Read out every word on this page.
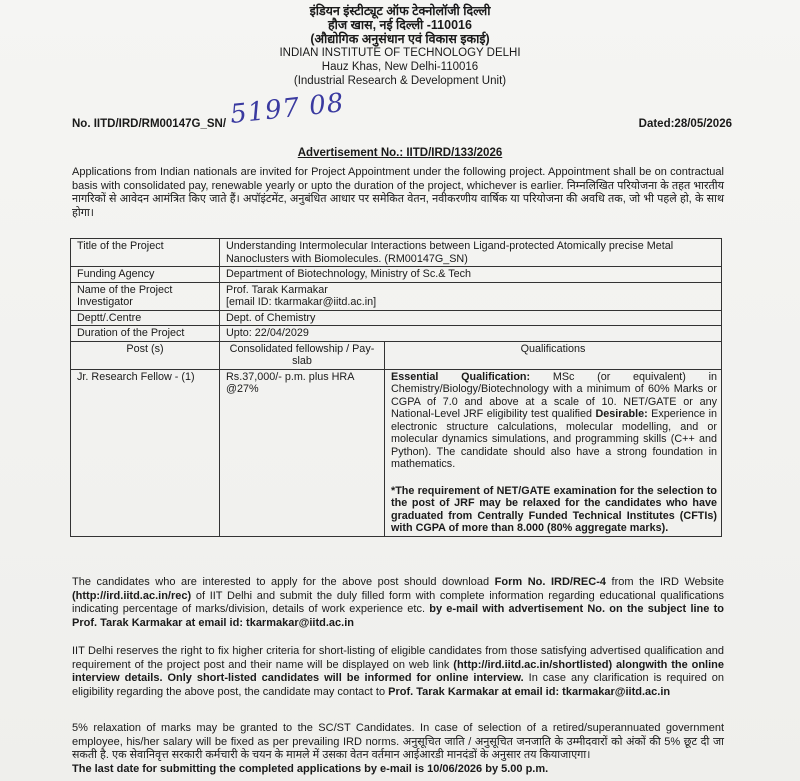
इंडियन इंस्टीट्यूट ऑफ टेक्नोलॉजी दिल्ली
हौज खास, नई दिल्ली -110016
(औद्योगिक अनुसंधान एवं विकास इकाई)
INDIAN INSTITUTE OF TECHNOLOGY DELHI
Hauz Khas, New Delhi-110016
(Industrial Research & Development Unit)
5197 08
No. IITD/IRD/RM00147G_SN/	Dated:28/05/2026
Advertisement No.: IITD/IRD/133/2026
Applications from Indian nationals are invited for Project Appointment under the following project. Appointment shall be on contractual basis with consolidated pay, renewable yearly or upto the duration of the project, whichever is earlier. निम्नलिखित परियोजना के तहत भारतीय नागरिकों से आवेदन आमंत्रित किए जाते हैं। अपॉइंटमेंट, अनुबंधित आधार पर समेकित वेतन, नवीकरणीय वार्षिक या परियोजना की अवधि तक, जो भी पहले हो, के साथ होगा।
Title of the Project	Understanding Intermolecular Interactions between Ligand-protected Atomically precise Metal Nanoclusters with Biomolecules. (RM00147G_SN)	
Funding Agency	Department of Biotechnology, Ministry of Sc.& Tech	
Name of the Project Investigator	Prof. Tarak Karmakar
[email ID: tkarmakar@iitd.ac.in]	

Deptt/.Centre	Dept. of Chemistry	
Duration of the Project	Upto: 22/04/2029	
Post (s)	Consolidated fellowship / Pay-slab	Qualifications
Jr. Research Fellow - (1)	Rs.37,000/- p.m. plus HRA @27%	Essential Qualification: MSc (or equivalent) in Chemistry/Biology/Biotechnology with a minimum of 60% Marks or CGPA of 7.0 and above at a scale of 10. NET/GATE or any National-Level JRF eligibility test qualified Desirable: Experience in electronic structure calculations, molecular modelling, and or molecular dynamics simulations, and programming skills (C++ and Python). The candidate should also have a strong foundation in mathematics.
*The requirement of NET/GATE examination for the selection to the post of JRF may be relaxed for the candidates who have graduated from Centrally Funded Technical Institutes (CFTIs) with CGPA of more than 8.000 (80% aggregate marks).
The candidates who are interested to apply for the above post should download Form No. IRD/REC-4 from the IRD Website (http://ird.iitd.ac.in/rec) of IIT Delhi and submit the duly filled form with complete information regarding educational qualifications indicating percentage of marks/division, details of work experience etc. by e-mail with advertisement No. on the subject line to Prof. Tarak Karmakar at email id: tkarmakar@iitd.ac.in
IIT Delhi reserves the right to fix higher criteria for short-listing of eligible candidates from those satisfying advertised qualification and requirement of the project post and their name will be displayed on web link (http://ird.iitd.ac.in/shortlisted) alongwith the online interview details. Only short-listed candidates will be informed for online interview. In case any clarification is required on eligibility regarding the above post, the candidate may contact to Prof. Tarak Karmakar at email id: tkarmakar@iitd.ac.in
5% relaxation of marks may be granted to the SC/ST Candidates. In case of selection of a retired/superannuated government employee, his/her salary will be fixed as per prevailing IRD norms. अनुसूचित जाति / अनुसूचित जनजाति के उम्मीदवारों को अंकों की 5% छूट दी जा सकती है. एक सेवानिवृत्त सरकारी कर्मचारी के चयन के मामले में उसका वेतन वर्तमान आईआरडी मानदंडों के अनुसार तय कियाजाएगा।
The last date for submitting the completed applications by e-mail is 10/06/2026 by 5.00 p.m.
